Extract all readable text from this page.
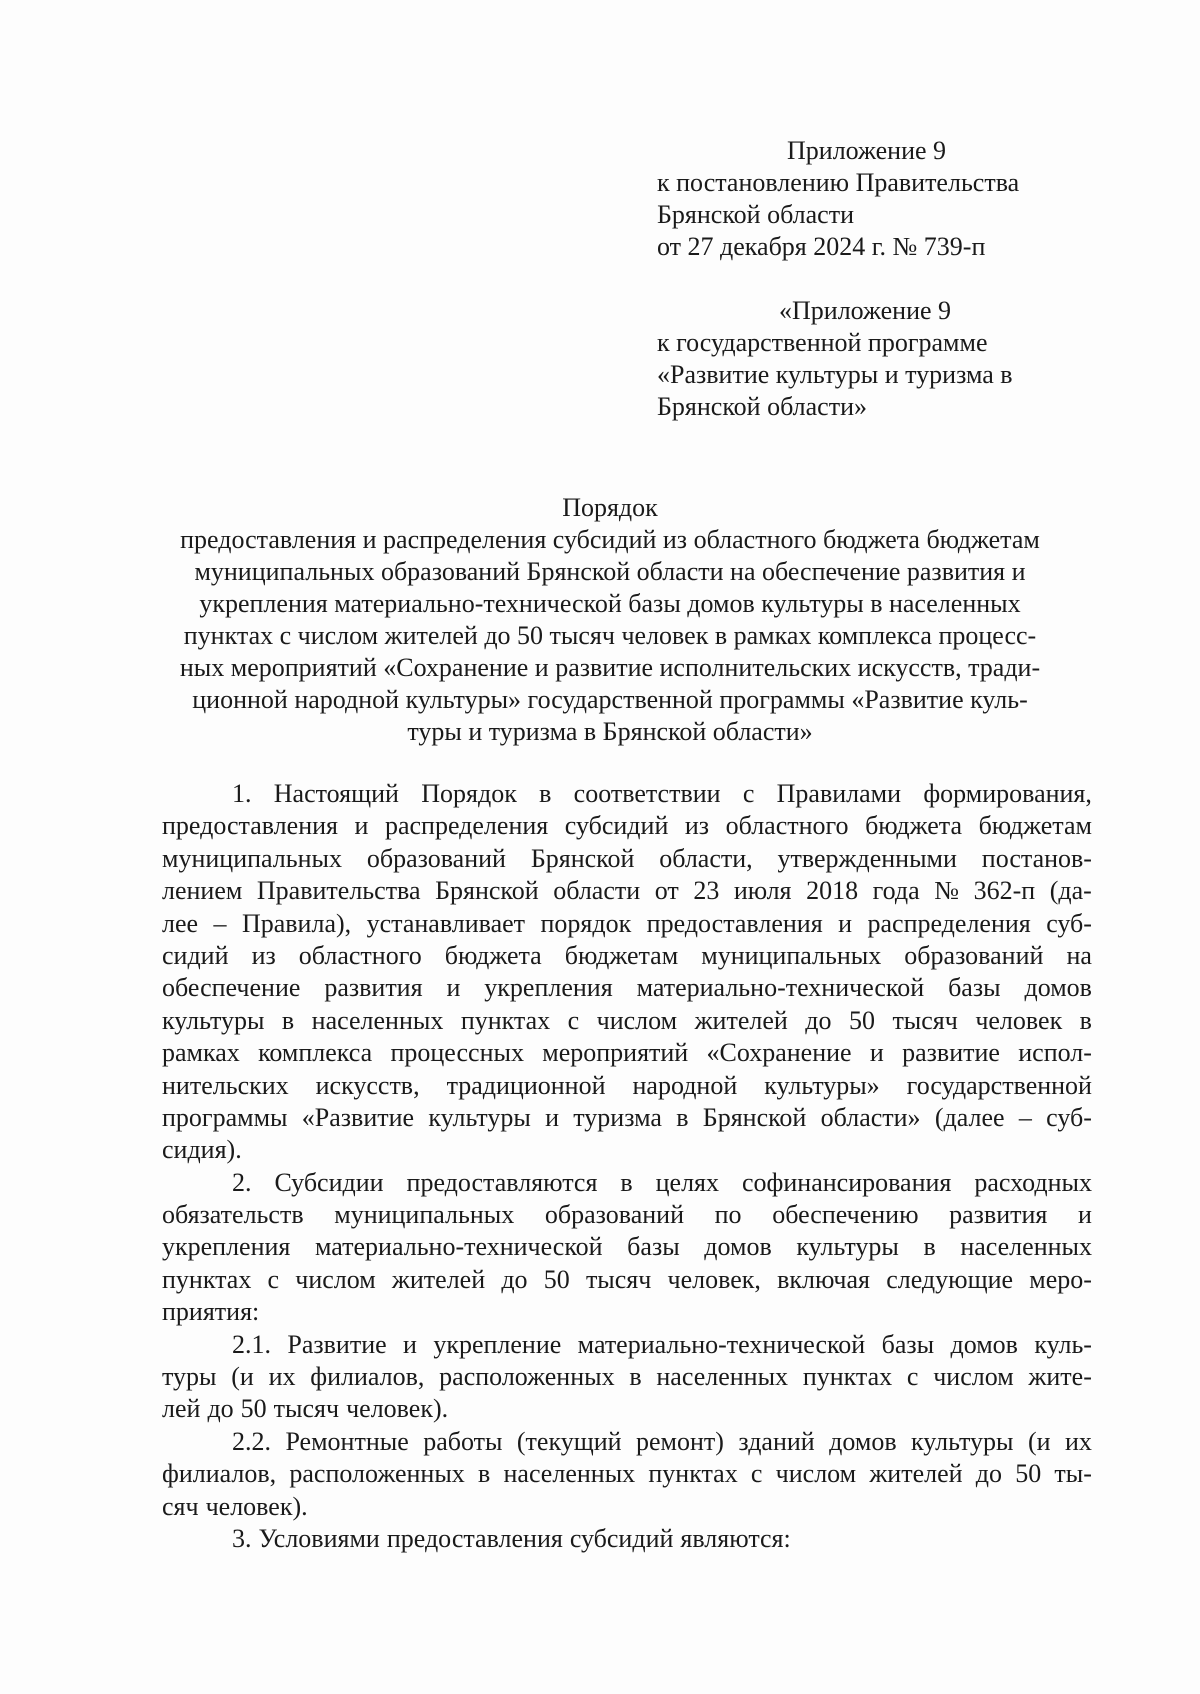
Приложение 9
к постановлению Правительства
Брянской области
от 27 декабря 2024 г. № 739-п
«Приложение 9
к государственной программе
«Развитие культуры и туризма в
Брянской области»
Порядок
предоставления и распределения субсидий из областного бюджета бюджетам
муниципальных образований Брянской области на обеспечение развития и
укрепления материально-технической базы домов культуры в населенных
пунктах с числом жителей до 50 тысяч человек в рамках комплекса процесс-
ных мероприятий «Сохранение и развитие исполнительских искусств, тради-
ционной народной культуры» государственной программы «Развитие куль-
туры и туризма в Брянской области»
1. Настоящий Порядок в соответствии с Правилами формирования,
предоставления и распределения субсидий из областного бюджета бюджетам
муниципальных образований Брянской области, утвержденными постанов-
лением Правительства Брянской области от 23 июля 2018 года № 362-п (да-
лее – Правила), устанавливает порядок предоставления и распределения суб-
сидий из областного бюджета бюджетам муниципальных образований на
обеспечение развития и укрепления материально-технической базы домов
культуры в населенных пунктах с числом жителей до 50 тысяч человек в
рамках комплекса процессных мероприятий «Сохранение и развитие испол-
нительских искусств, традиционной народной культуры» государственной
программы «Развитие культуры и туризма в Брянской области» (далее – суб-
сидия).
2. Субсидии предоставляются в целях софинансирования расходных
обязательств муниципальных образований по обеспечению развития и
укрепления материально-технической базы домов культуры в населенных
пунктах с числом жителей до 50 тысяч человек, включая следующие меро-
приятия:
2.1. Развитие и укрепление материально-технической базы домов куль-
туры (и их филиалов, расположенных в населенных пунктах с числом жите-
лей до 50 тысяч человек).
2.2. Ремонтные работы (текущий ремонт) зданий домов культуры (и их
филиалов, расположенных в населенных пунктах с числом жителей до 50 ты-
сяч человек).
3. Условиями предоставления субсидий являются:
